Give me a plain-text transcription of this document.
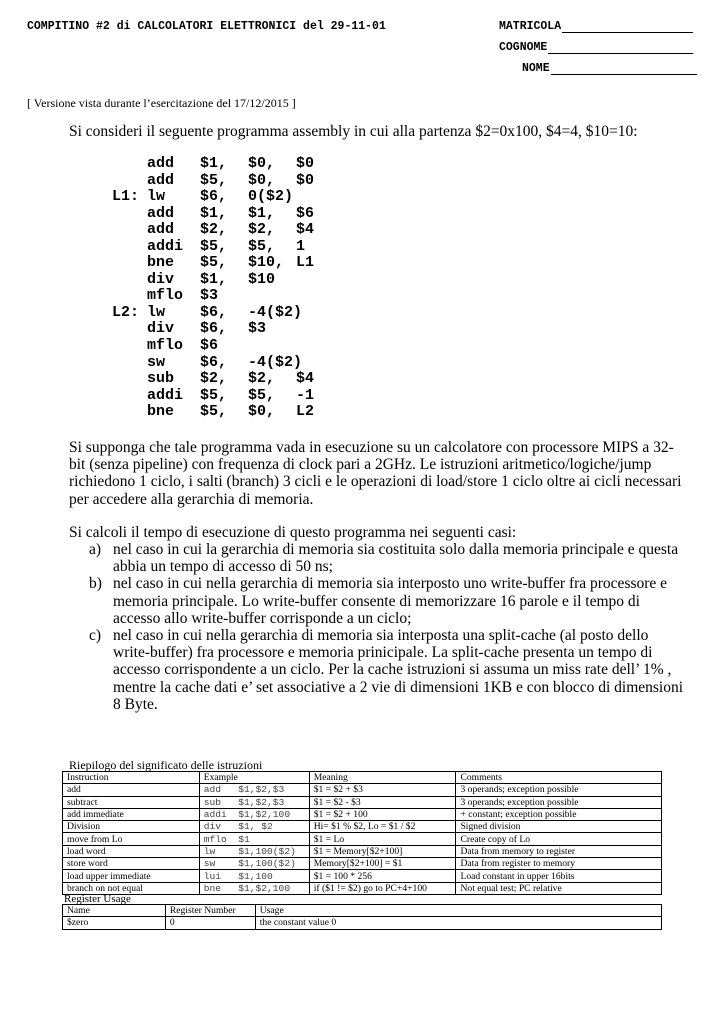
COMPITINO #2 di CALCOLATORI ELETTRONICI del 29-11-01	MATRICOLA
COGNOME
NOME
[ Versione vista durante l’esercitazione del 17/12/2015 ]
Si consideri il seguente programma assembly in cui alla partenza $2=0x100, $4=4, $10=10:
add	$1,	$0,	$0
add	$5,	$0,	$0
L1: lw	$6,	0($2)
add	$1,	$1,	$6
add	$2,	$2,	$4
addi	$5,	$5,	1
bne	$5,	$10, L1
div	$1,	$10
mflo	$3
L2: lw	$6,	-4($2)
div	$6,	$3
mflo	$6
sw	$6,	-4($2)
sub	$2,	$2,	$4
addi	$5,	$5,	-1
bne	$5,	$0,	L2
Si supponga che tale programma vada in esecuzione su un calcolatore con processore MIPS a 32-bit (senza pipeline) con frequenza di clock pari a 2GHz. Le istruzioni aritmetico/logiche/jump richiedono 1 ciclo, i salti (branch) 3 cicli e le operazioni di load/store 1 ciclo oltre ai cicli necessari per accedere alla gerarchia di memoria.
Si calcoli il tempo di esecuzione di questo programma nei seguenti casi:
a) nel caso in cui la gerarchia di memoria sia costituita solo dalla memoria principale e questa abbia un tempo di accesso di 50 ns;
b) nel caso in cui nella gerarchia di memoria sia interposto uno write-buffer fra processore e memoria principale. Lo write-buffer consente di memorizzare 16 parole e il tempo di accesso allo write-buffer corrisponde a un ciclo;
c) nel caso in cui nella gerarchia di memoria sia interposta una split-cache (al posto dello write-buffer) fra processore e memoria prinicipale. La split-cache presenta un tempo di accesso corrispondente a un ciclo. Per la cache istruzioni si assuma un miss rate dell’ 1% , mentre la cache dati e’ set associative a 2 vie di dimensioni 1KB e con blocco di dimensioni 8 Byte.
Riepilogo del significato delle istruzioni
Instruction	Example	Meaning	Comments
add	add   $1,$2,$3	$1 = $2 + $3	3 operands; exception possible
subtract	sub   $1,$2,$3	$1 = $2 - $3	3 operands; exception possible
add immediate	addi  $1,$2,100	$1 = $2 + 100	+ constant; exception possible
Division	div   $1, $2	Hi= $1 % $2, Lo = $1 / $2	Signed division
move from Lo	mflo  $1	$1 = Lo	Create copy of Lo
load word	lw    $1,100($2)	$1 = Memory[$2+100]	Data from memory to register
store word	sw    $1,100($2)	Memory[$2+100] = $1	Data from register to memory
load upper immediate	lui   $1,100	$1 = 100 * 256	Load constant in upper 16bits
branch on not equal	bne   $1,$2,100	if ($1 != $2) go to PC+4+100	Not equal test; PC relative
Register Usage
Name	Register Number	Usage
$zero	0	the constant value 0
